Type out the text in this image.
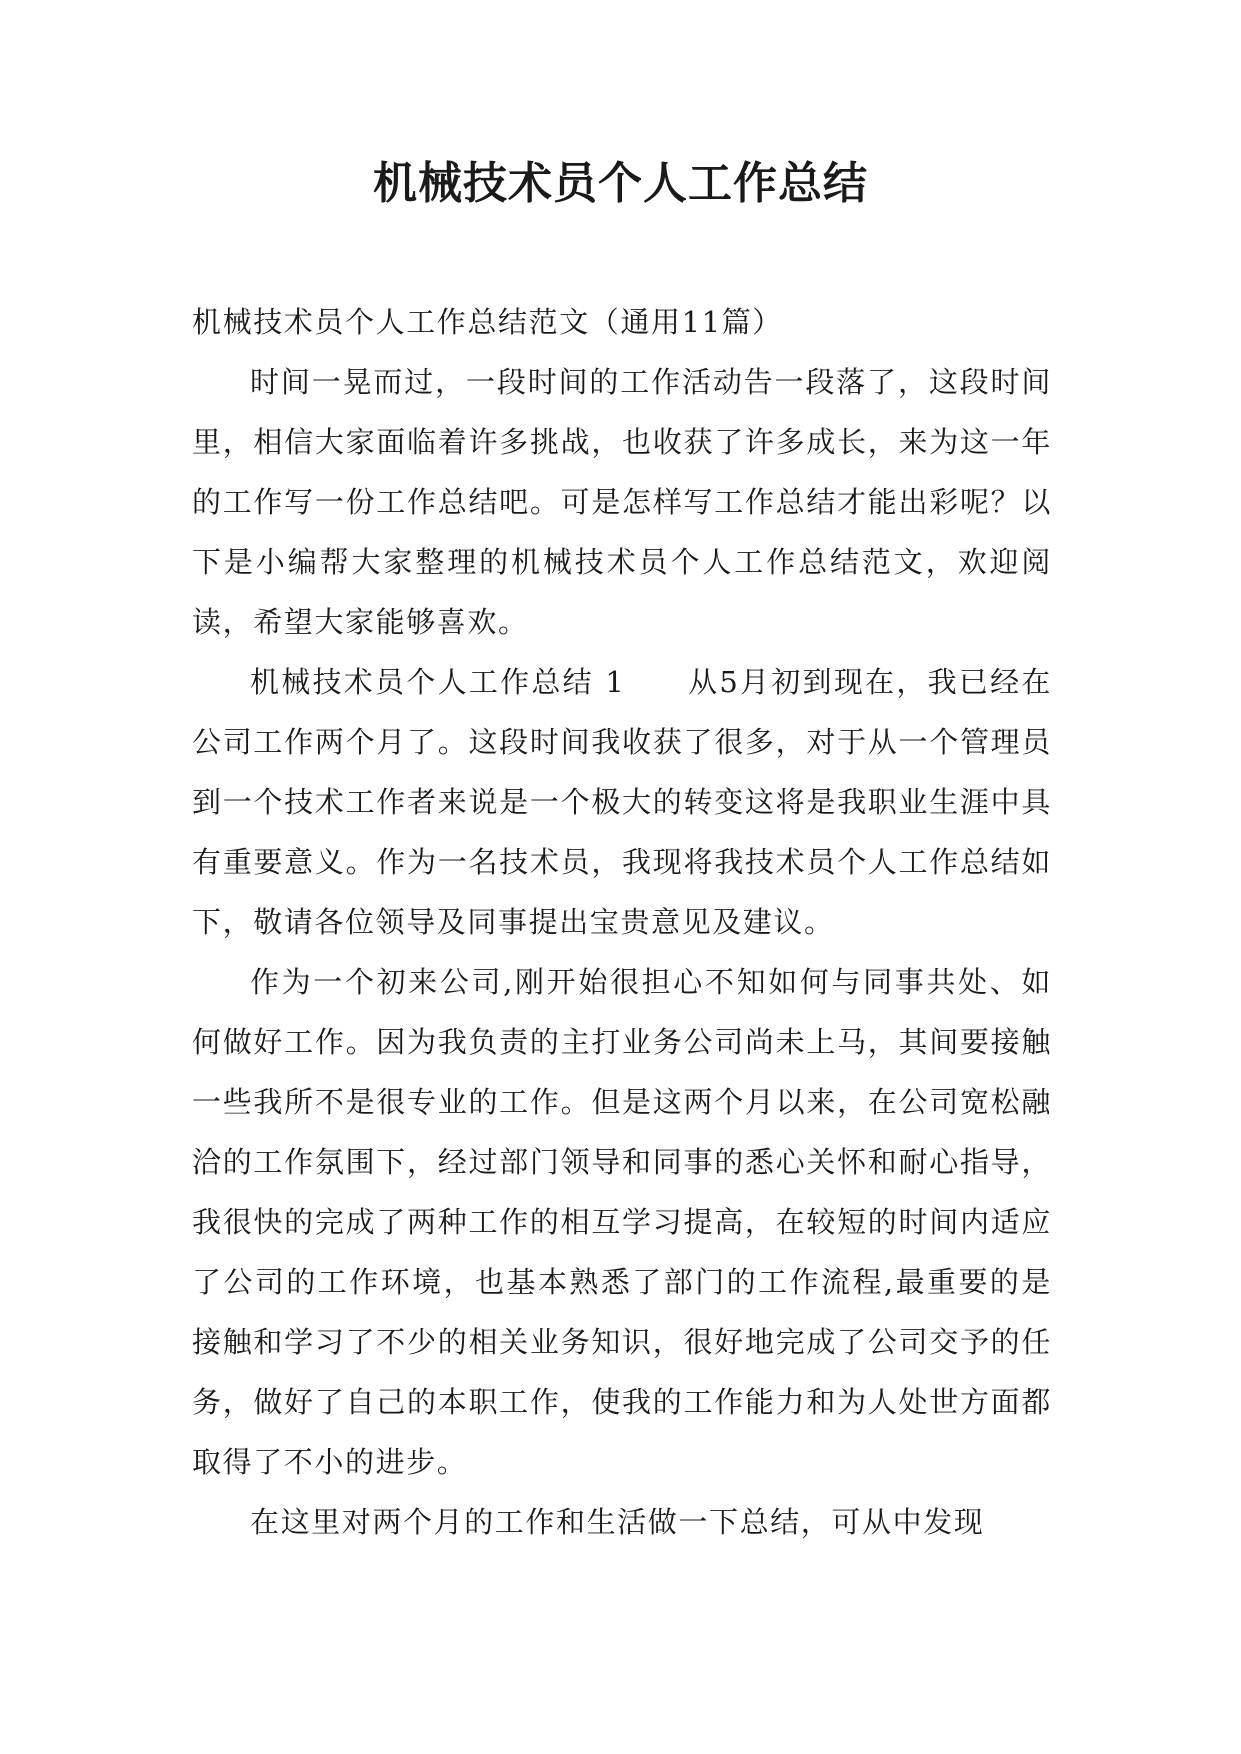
机械技术员个人工作总结

机械技术员个人工作总结范文（通用11篇）

时间一晃而过，一段时间的工作活动告一段落了，这段时间里，相信大家面临着许多挑战，也收获了许多成长，来为这一年的工作写一份工作总结吧。可是怎样写工作总结才能出彩呢？以下是小编帮大家整理的机械技术员个人工作总结范文，欢迎阅读，希望大家能够喜欢。

机械技术员个人工作总结 1 从5月初到现在，我已经在公司工作两个月了。这段时间我收获了很多，对于从一个管理员到一个技术工作者来说是一个极大的转变这将是我职业生涯中具有重要意义。作为一名技术员，我现将我技术员个人工作总结如下，敬请各位领导及同事提出宝贵意见及建议。

作为一个初来公司,刚开始很担心不知如何与同事共处、如何做好工作。因为我负责的主打业务公司尚未上马，其间要接触一些我所不是很专业的工作。但是这两个月以来，在公司宽松融洽的工作氛围下，经过部门领导和同事的悉心关怀和耐心指导，我很快的完成了两种工作的相互学习提高，在较短的时间内适应了公司的工作环境，也基本熟悉了部门的工作流程,最重要的是接触和学习了不少的相关业务知识，很好地完成了公司交予的任务，做好了自己的本职工作，使我的工作能力和为人处世方面都取得了不小的进步。

在这里对两个月的工作和生活做一下总结，可从中发现
